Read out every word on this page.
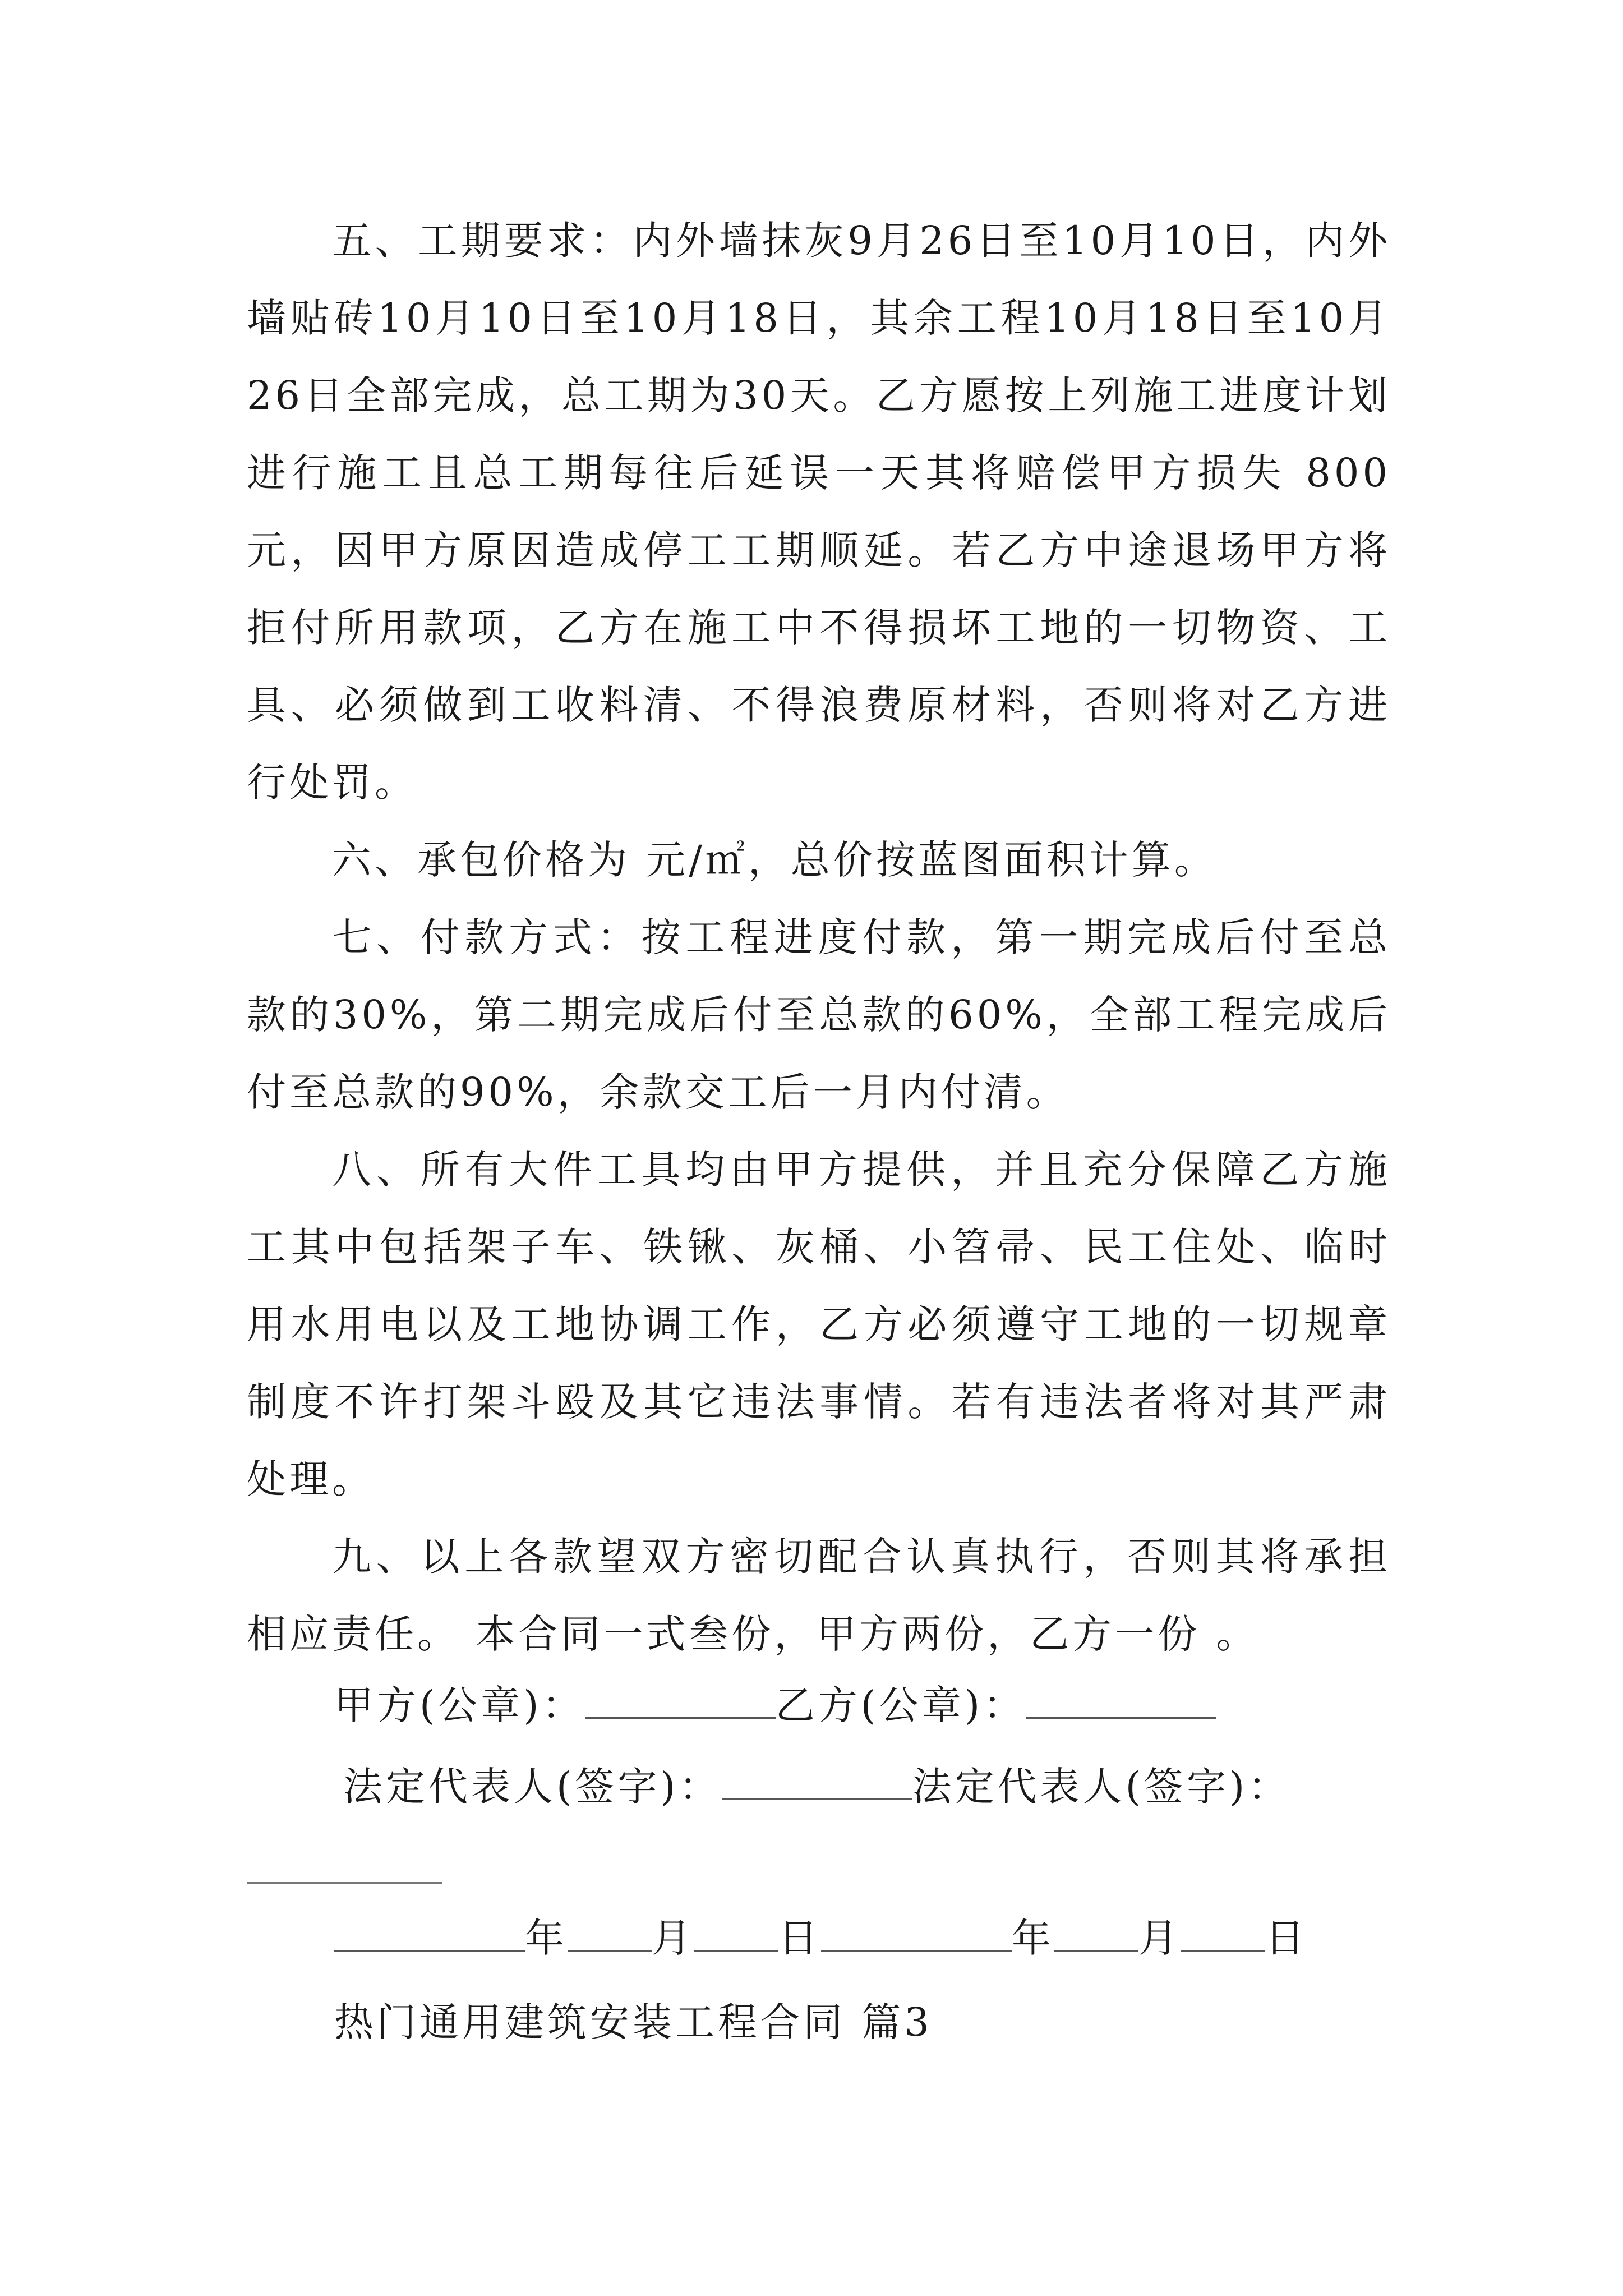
五、工期要求：内外墙抹灰9月26日至10月10日，内外墙贴砖10月10日至10月18日，其余工程10月18日至10月26日全部完成，总工期为30天。乙方愿按上列施工进度计划进行施工且总工期每往后延误一天其将赔偿甲方损失 800元，因甲方原因造成停工工期顺延。若乙方中途退场甲方将拒付所用款项，乙方在施工中不得损坏工地的一切物资、工具、必须做到工收料清、不得浪费原材料，否则将对乙方进行处罚。

六、承包价格为 元/㎡，总价按蓝图面积计算。

七、付款方式：按工程进度付款，第一期完成后付至总款的30%，第二期完成后付至总款的60%，全部工程完成后付至总款的90%，余款交工后一月内付清。

八、所有大件工具均由甲方提供，并且充分保障乙方施工其中包括架子车、铁锹、灰桶、小笤帚、民工住处、临时用水用电以及工地协调工作，乙方必须遵守工地的一切规章制度不许打架斗殴及其它违法事情。若有违法者将对其严肃处理。

九、以上各款望双方密切配合认真执行，否则其将承担相应责任。 本合同一式叁份，甲方两份，乙方一份 。

甲方(公章)：	乙方(公章)：
法定代表人(签字)：	法定代表人(签字)：
年 月 日	年 月 日
热门通用建筑安装工程合同 篇3
